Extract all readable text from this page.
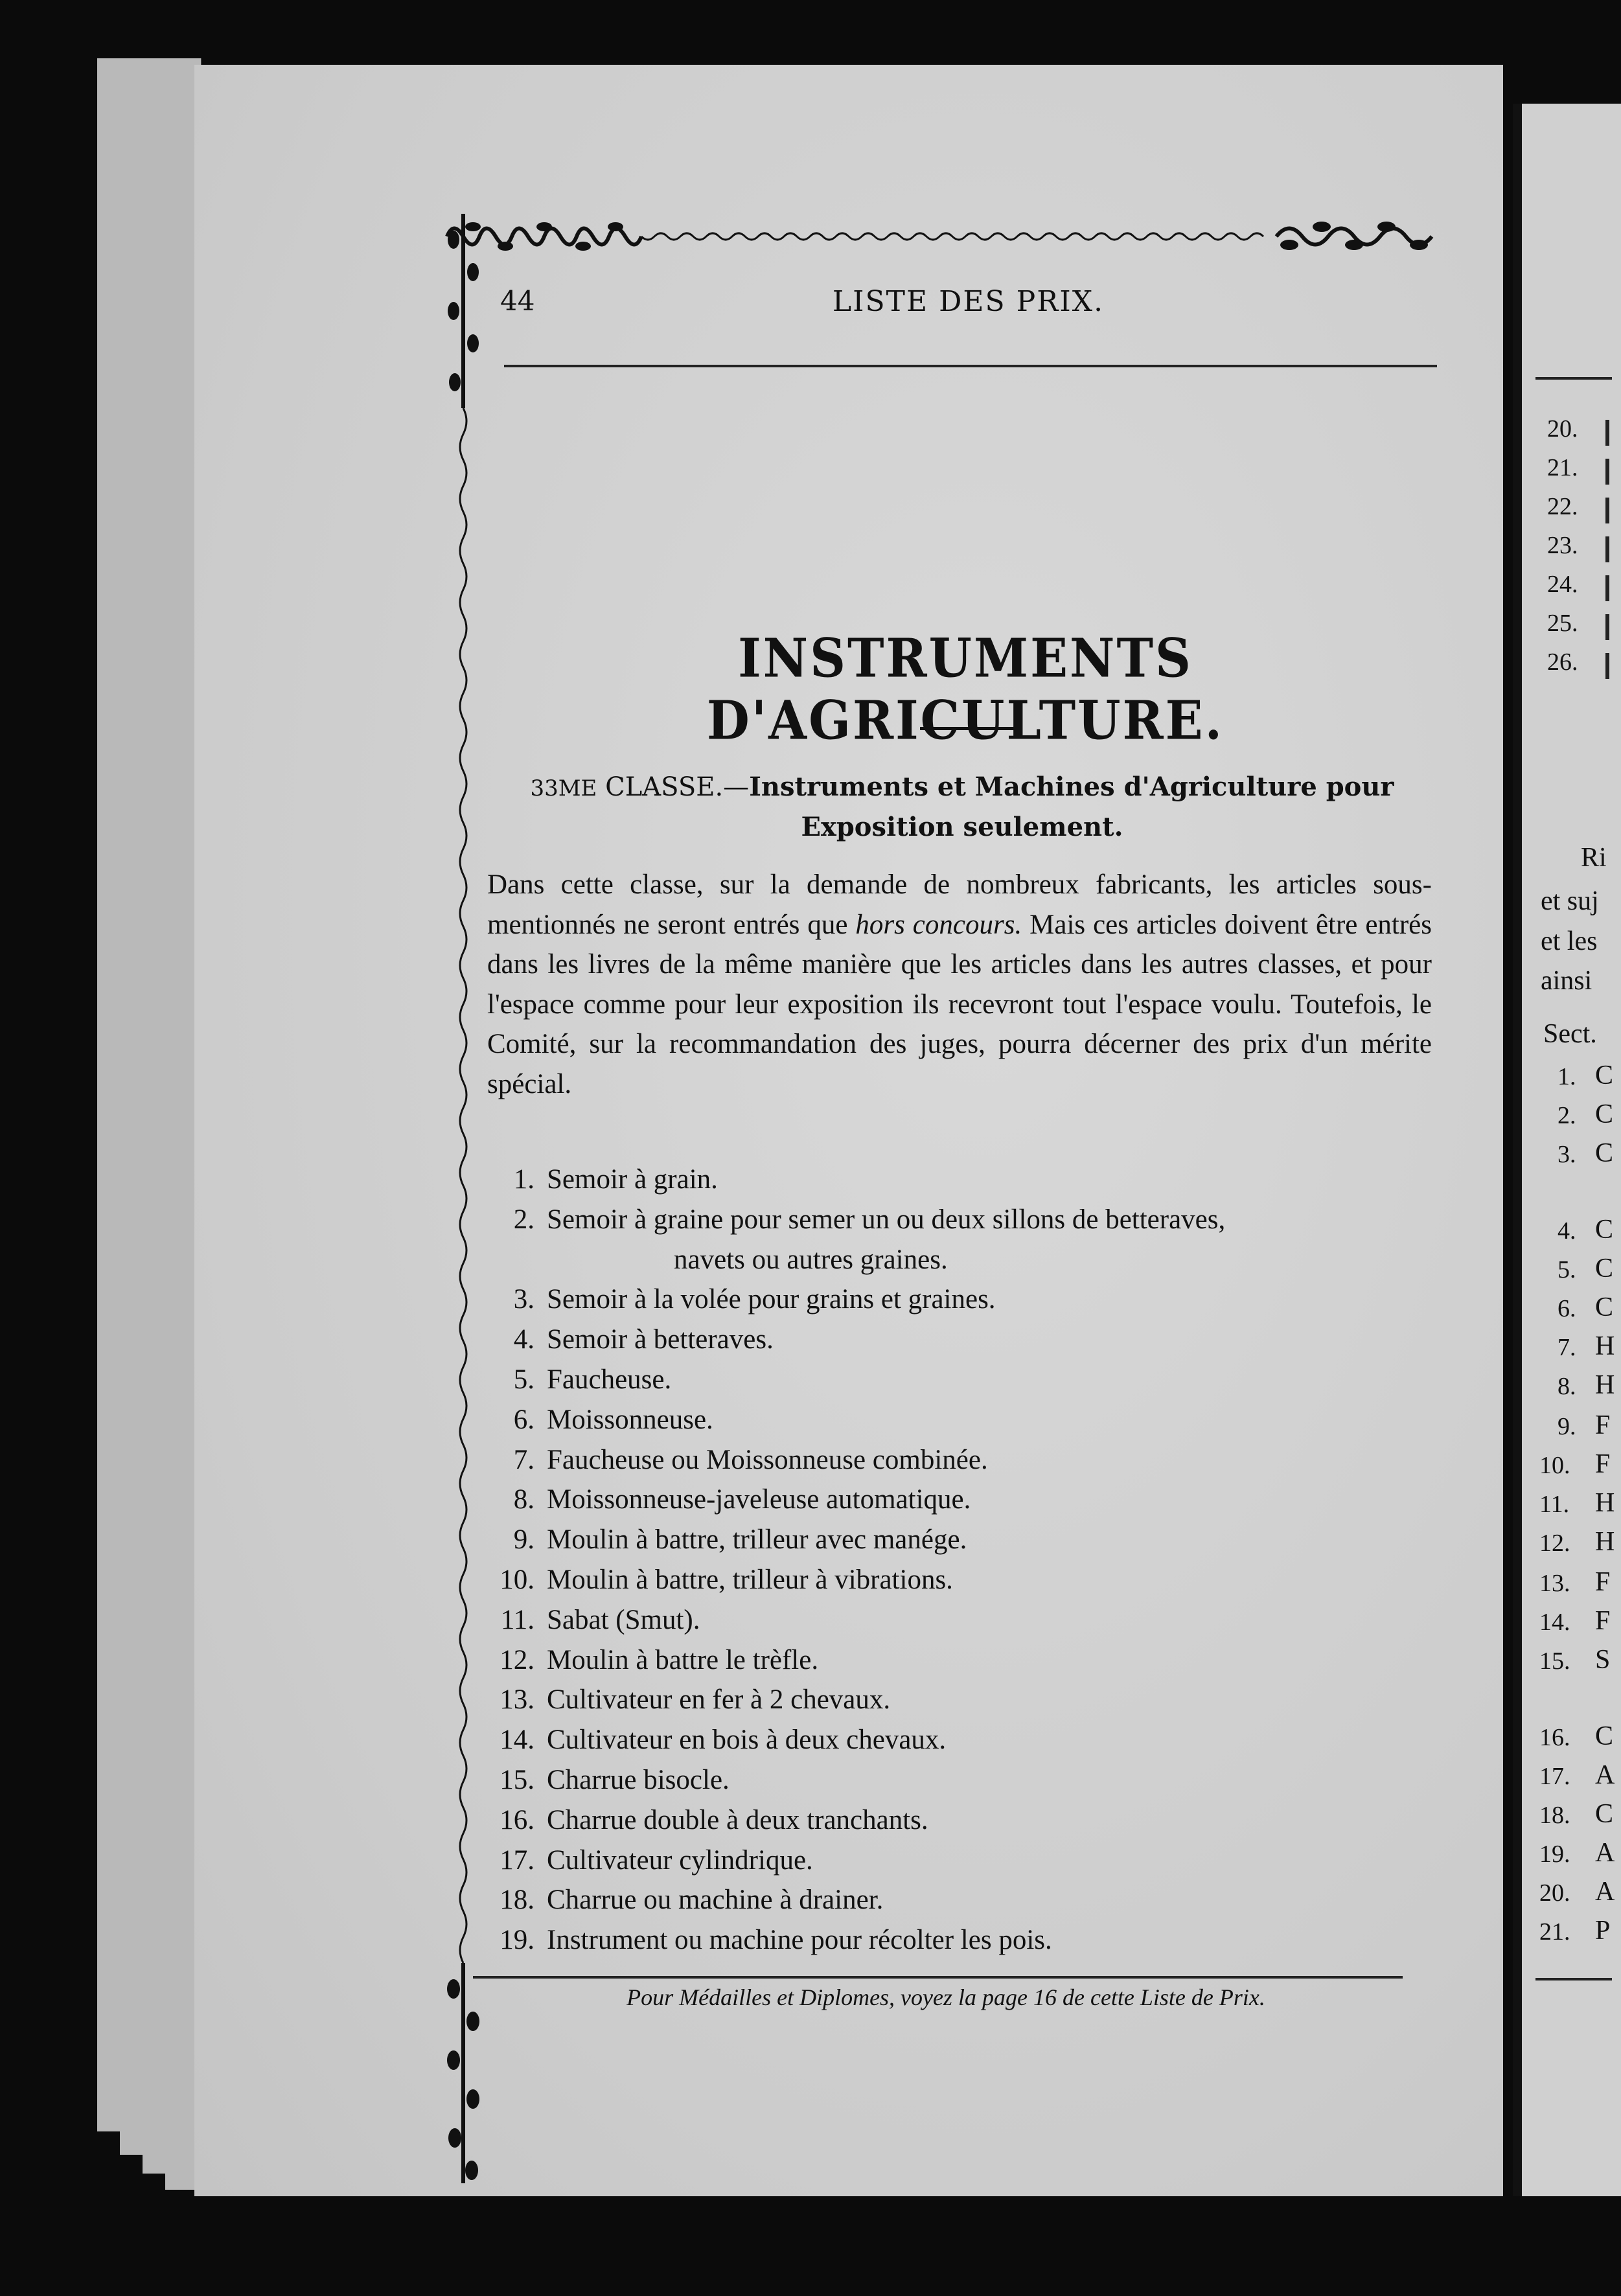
44	LISTE DES PRIX.
INSTRUMENTS D'AGRICULTURE.
33ME CLASSE.—Instruments et Machines d'Agriculture pour Exposition seulement.
Dans cette classe, sur la demande de nombreux fabricants, les articles sous-mentionnés ne seront entrés que hors concours. Mais ces articles doivent être entrés dans les livres de la même manière que les articles dans les autres classes, et pour l'espace comme pour leur exposition ils recevront tout l'espace voulu. Toutefois, le Comité, sur la recommandation des juges, pourra décerner des prix d'un mérite spécial.
1. Semoir à grain.
2. Semoir à graine pour semer un ou deux sillons de betteraves,
navets ou autres graines.
3. Semoir à la volée pour grains et graines.
4. Semoir à betteraves.
5. Faucheuse.
6. Moissonneuse.
7. Faucheuse ou Moissonneuse combinée.
8. Moissonneuse-javeleuse automatique.
9. Moulin à battre, trilleur avec manége.
10. Moulin à battre, trilleur à vibrations.
11. Sabat (Smut).
12. Moulin à battre le trèfle.
13. Cultivateur en fer à 2 chevaux.
14. Cultivateur en bois à deux chevaux.
15. Charrue bisocle.
16. Charrue double à deux tranchants.
17. Cultivateur cylindrique.
18. Charrue ou machine à drainer.
19. Instrument ou machine pour récolter les pois.
Pour Médailles et Diplomes, voyez la page 16 de cette Liste de Prix.
20.
21.
22.
23.
24.
25.
26.
Ri
et suj
et les
ainsi
Sect.
1. C
2. C
3. C
4. C
5. C
6. C
7. H
8. H
9. F
10. F
11. H
12. H
13. F
14. F
15. S
16. C
17. A
18. C
19. A
20. A
21. P
